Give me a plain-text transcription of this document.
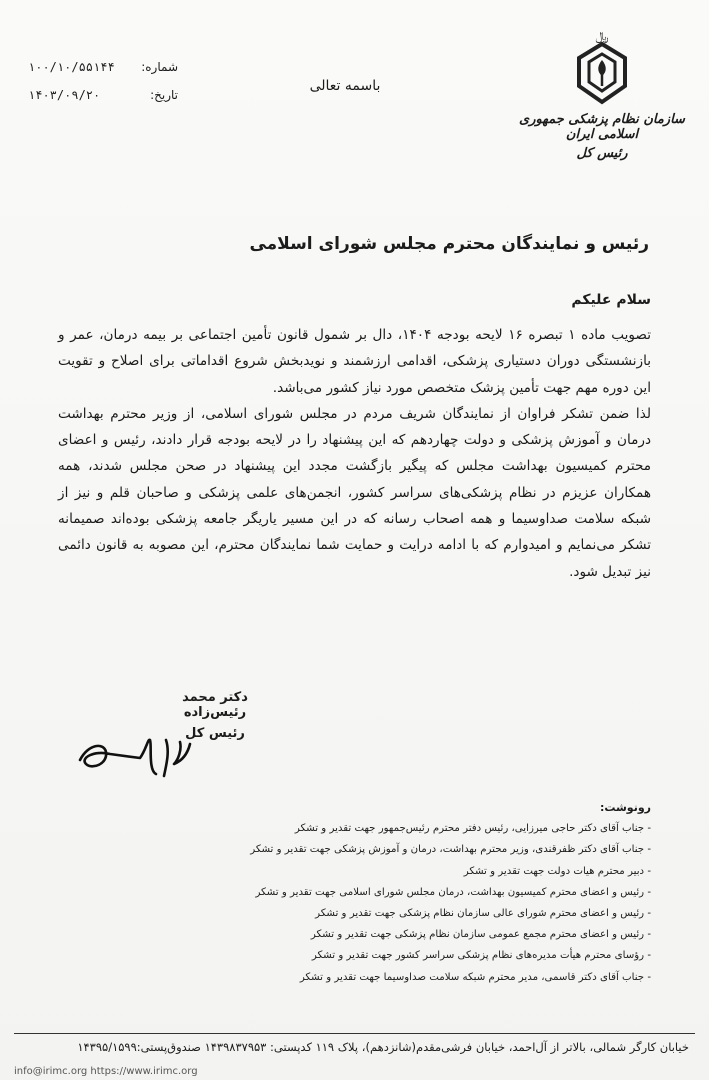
﷼
سازمان نظام پزشکی جمهوری اسلامی ایران
رئیس کل
باسمه تعالی
شماره:
۱۰۰/۱۰/۵۵۱۴۴
تاریخ:
۱۴۰۳/۰۹/۲۰
رئیس و نمایندگان محترم مجلس شورای اسلامی
سلام علیکم

تصویب ماده ۱ تبصره ۱۶ لایحه بودجه ۱۴۰۴، دال بر شمول قانون تأمین اجتماعی بر بیمه درمان، عمر و بازنشستگی دوران دستیاری پزشکی، اقدامی ارزشمند و نویدبخش شروع اقداماتی برای اصلاح و تقویت این دوره مهم جهت تأمین پزشک متخصص مورد نیاز کشور می‌باشد.

لذا ضمن تشکر فراوان از نمایندگان شریف مردم در مجلس شورای اسلامی، از وزیر محترم بهداشت درمان و آموزش پزشکی و دولت چهاردهم که این پیشنهاد را در لایحه بودجه قرار دادند، رئیس و اعضای محترم کمیسیون بهداشت مجلس که پیگیر بازگشت مجدد این پیشنهاد در صحن مجلس شدند، همه همکاران عزیزم در نظام پزشکی‌های سراسر کشور، انجمن‌های علمی پزشکی و صاحبان قلم و نیز از شبکه سلامت صداوسیما و همه اصحاب رسانه که در این مسیر یاریگر جامعه پزشکی بوده‌اند صمیمانه تشکر می‌نمایم و امیدوارم که با ادامه درایت و حمایت شما نمایندگان محترم، این مصوبه به قانون دائمی نیز تبدیل شود.

دکتر محمد رئیس‌زاده
رئیس کل
رونوشت:
- جناب آقای دکتر حاجی میرزایی، رئیس دفتر محترم رئیس‌جمهور جهت تقدیر و تشکر
- جناب آقای دکتر ظفرقندی، وزیر محترم بهداشت، درمان و آموزش پزشکی جهت تقدیر و تشکر
- دبیر محترم هیات دولت جهت تقدیر و تشکر
- رئیس و اعضای محترم کمیسیون بهداشت، درمان مجلس شورای اسلامی جهت تقدیر و تشکر
- رئیس و اعضای محترم شورای عالی سازمان نظام پزشکی جهت تقدیر و تشکر
- رئیس و اعضای محترم مجمع عمومی سازمان نظام پزشکی جهت تقدیر و تشکر
- رؤسای محترم هیأت مدیره‌های نظام پزشکی سراسر کشور جهت تقدیر و تشکر
- جناب آقای دکتر قاسمی، مدیر محترم شبکه سلامت صداوسیما جهت تقدیر و تشکر
خیابان کارگر شمالی، بالاتر از آل‌احمد، خیابان فرشی‌مقدم(شانزدهم)، پلاک ۱۱۹ کدپستی: ۱۴۳۹۸۳۷۹۵۳ صندوق‌پستی:۱۴۳۹۵/۱۵۹۹
info@irimc.org https://www.irimc.org
